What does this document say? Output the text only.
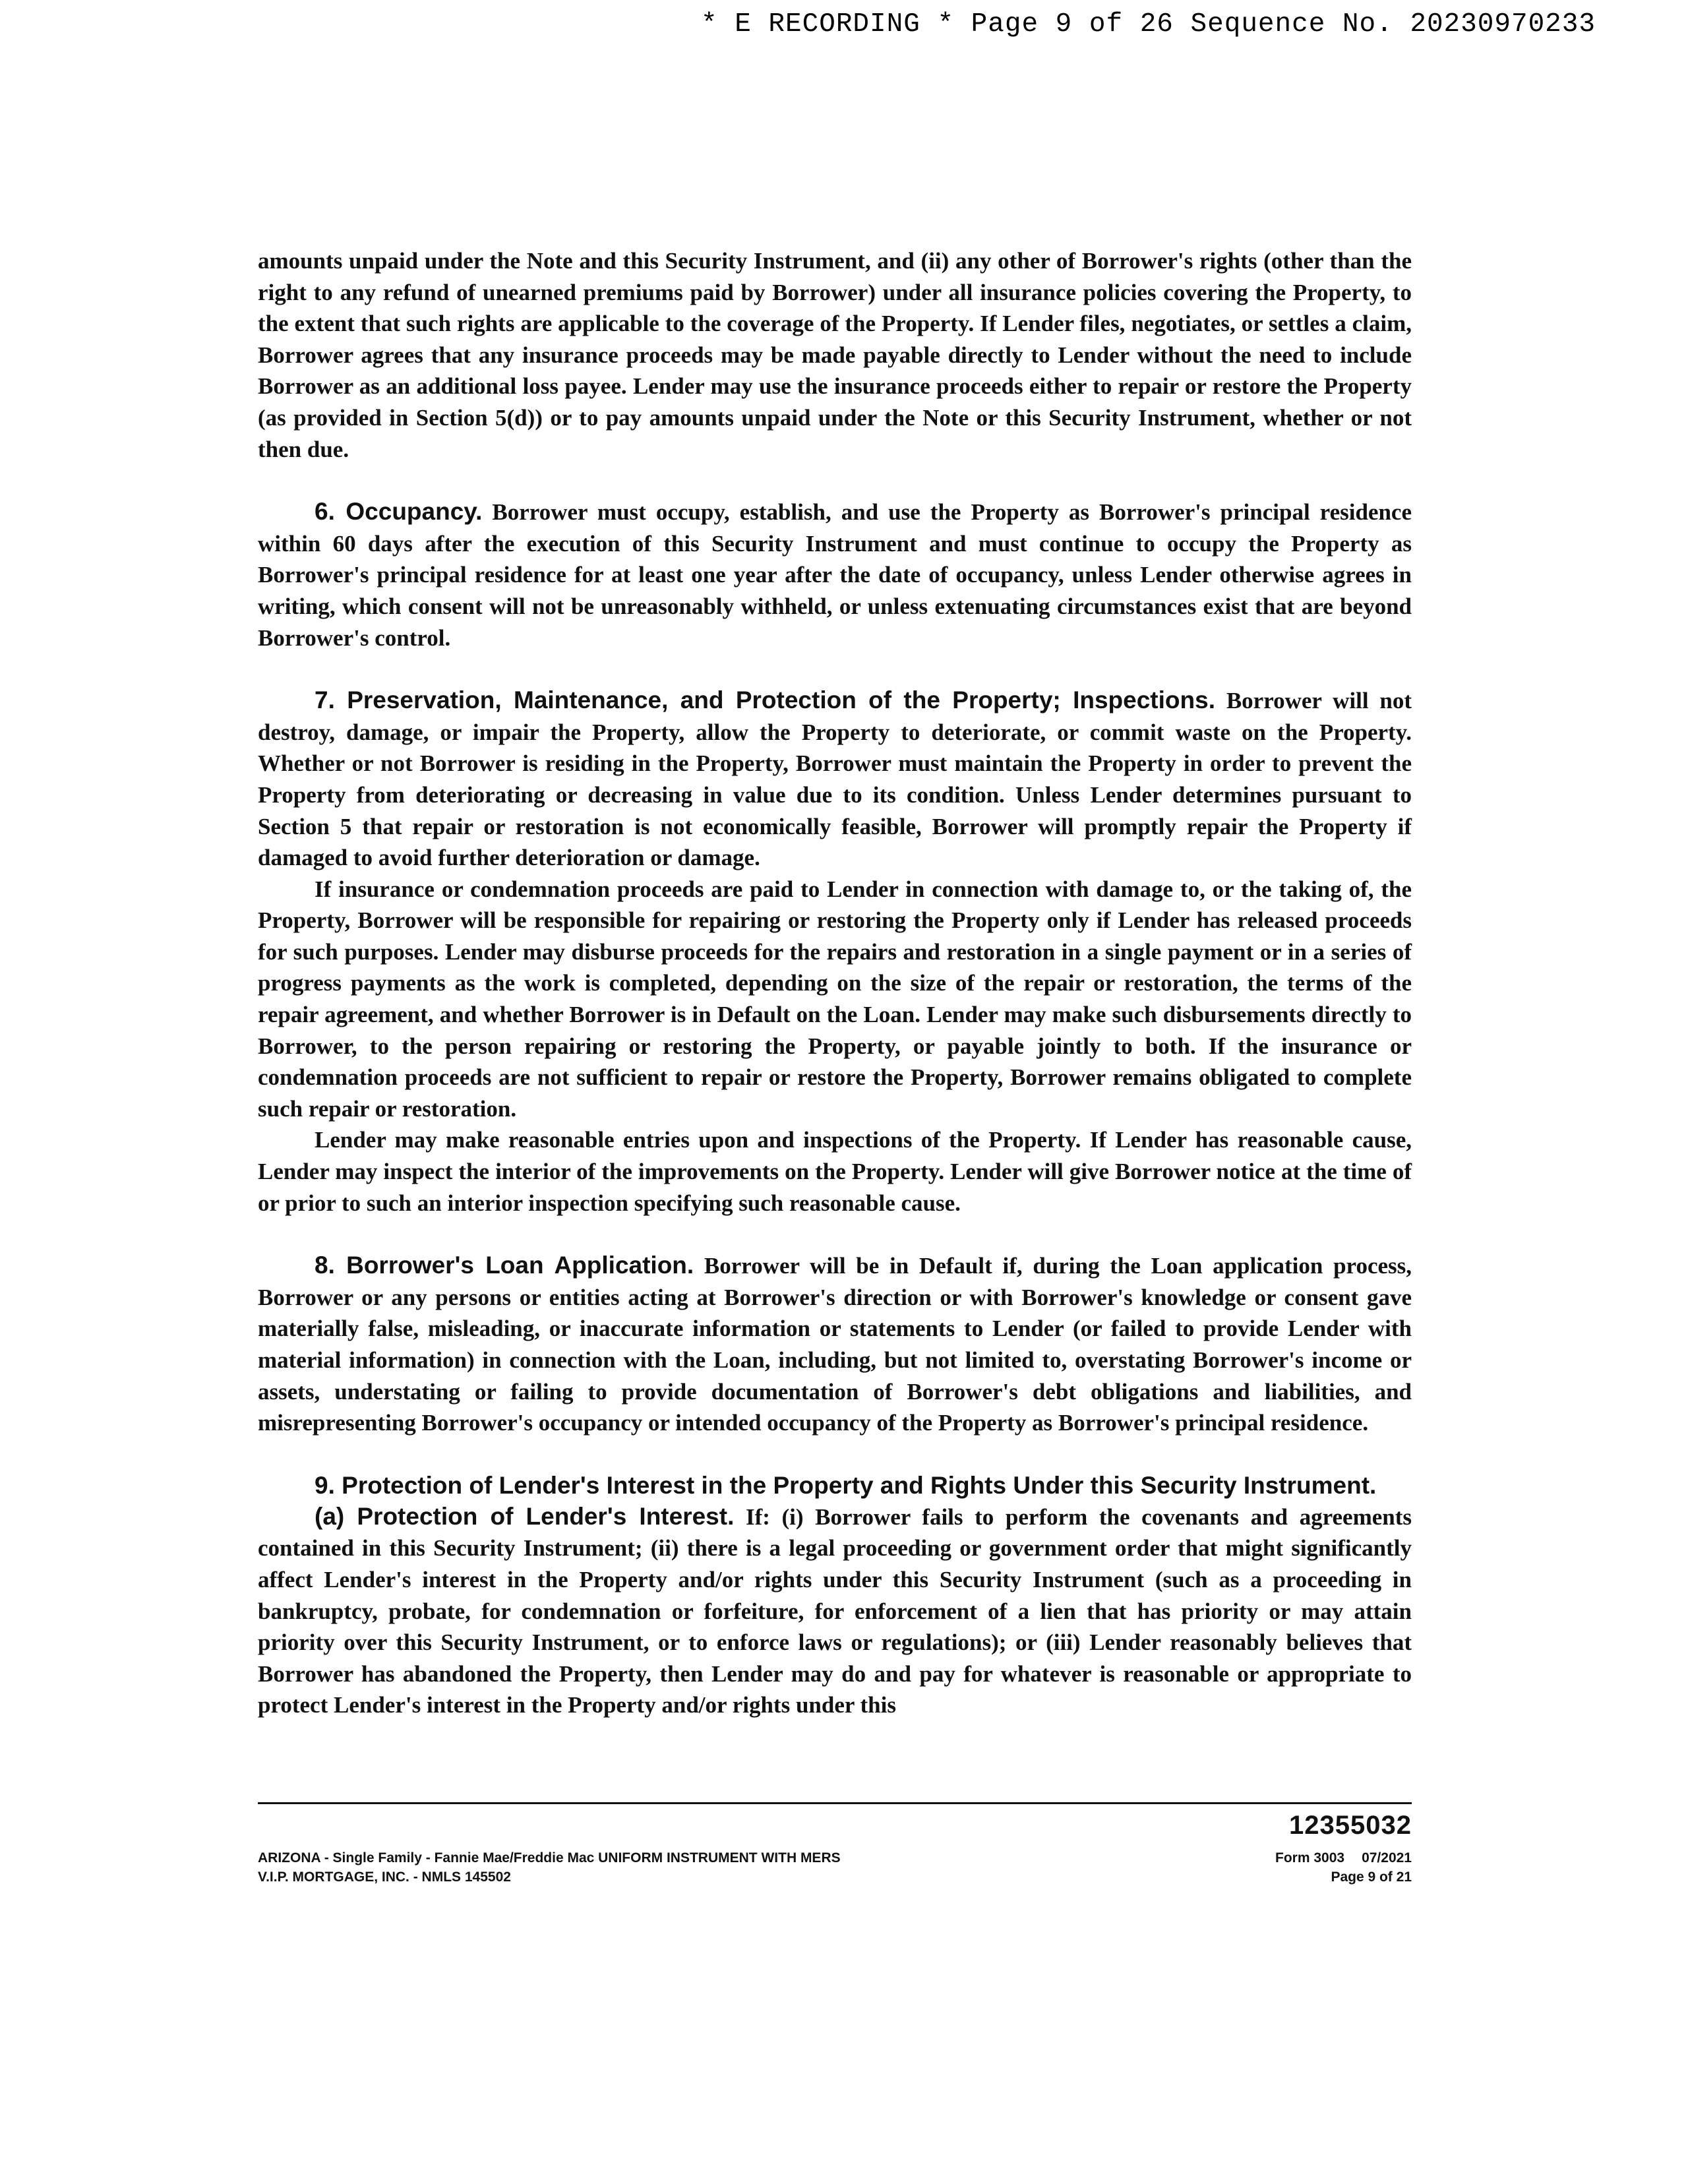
* E RECORDING * Page 9 of 26 Sequence No. 20230970233

amounts unpaid under the Note and this Security Instrument, and (ii) any other of Borrower's rights (other than the right to any refund of unearned premiums paid by Borrower) under all insurance policies covering the Property, to the extent that such rights are applicable to the coverage of the Property. If Lender files, negotiates, or settles a claim, Borrower agrees that any insurance proceeds may be made payable directly to Lender without the need to include Borrower as an additional loss payee. Lender may use the insurance proceeds either to repair or restore the Property (as provided in Section 5(d)) or to pay amounts unpaid under the Note or this Security Instrument, whether or not then due.

6. Occupancy. Borrower must occupy, establish, and use the Property as Borrower's principal residence within 60 days after the execution of this Security Instrument and must continue to occupy the Property as Borrower's principal residence for at least one year after the date of occupancy, unless Lender otherwise agrees in writing, which consent will not be unreasonably withheld, or unless extenuating circumstances exist that are beyond Borrower's control.

7. Preservation, Maintenance, and Protection of the Property; Inspections. Borrower will not destroy, damage, or impair the Property, allow the Property to deteriorate, or commit waste on the Property. Whether or not Borrower is residing in the Property, Borrower must maintain the Property in order to prevent the Property from deteriorating or decreasing in value due to its condition. Unless Lender determines pursuant to Section 5 that repair or restoration is not economically feasible, Borrower will promptly repair the Property if damaged to avoid further deterioration or damage.

If insurance or condemnation proceeds are paid to Lender in connection with damage to, or the taking of, the Property, Borrower will be responsible for repairing or restoring the Property only if Lender has released proceeds for such purposes. Lender may disburse proceeds for the repairs and restoration in a single payment or in a series of progress payments as the work is completed, depending on the size of the repair or restoration, the terms of the repair agreement, and whether Borrower is in Default on the Loan. Lender may make such disbursements directly to Borrower, to the person repairing or restoring the Property, or payable jointly to both. If the insurance or condemnation proceeds are not sufficient to repair or restore the Property, Borrower remains obligated to complete such repair or restoration.

Lender may make reasonable entries upon and inspections of the Property. If Lender has reasonable cause, Lender may inspect the interior of the improvements on the Property. Lender will give Borrower notice at the time of or prior to such an interior inspection specifying such reasonable cause.

8. Borrower's Loan Application. Borrower will be in Default if, during the Loan application process, Borrower or any persons or entities acting at Borrower's direction or with Borrower's knowledge or consent gave materially false, misleading, or inaccurate information or statements to Lender (or failed to provide Lender with material information) in connection with the Loan, including, but not limited to, overstating Borrower's income or assets, understating or failing to provide documentation of Borrower's debt obligations and liabilities, and misrepresenting Borrower's occupancy or intended occupancy of the Property as Borrower's principal residence.

9. Protection of Lender's Interest in the Property and Rights Under this Security Instrument.

(a) Protection of Lender's Interest. If: (i) Borrower fails to perform the covenants and agreements contained in this Security Instrument; (ii) there is a legal proceeding or government order that might significantly affect Lender's interest in the Property and/or rights under this Security Instrument (such as a proceeding in bankruptcy, probate, for condemnation or forfeiture, for enforcement of a lien that has priority or may attain priority over this Security Instrument, or to enforce laws or regulations); or (iii) Lender reasonably believes that Borrower has abandoned the Property, then Lender may do and pay for whatever is reasonable or appropriate to protect Lender's interest in the Property and/or rights under this

12355032
ARIZONA - Single Family - Fannie Mae/Freddie Mac UNIFORM INSTRUMENT WITH MERS
V.I.P. MORTGAGE, INC. - NMLS 145502
Form 3003 07/2021
Page 9 of 21
